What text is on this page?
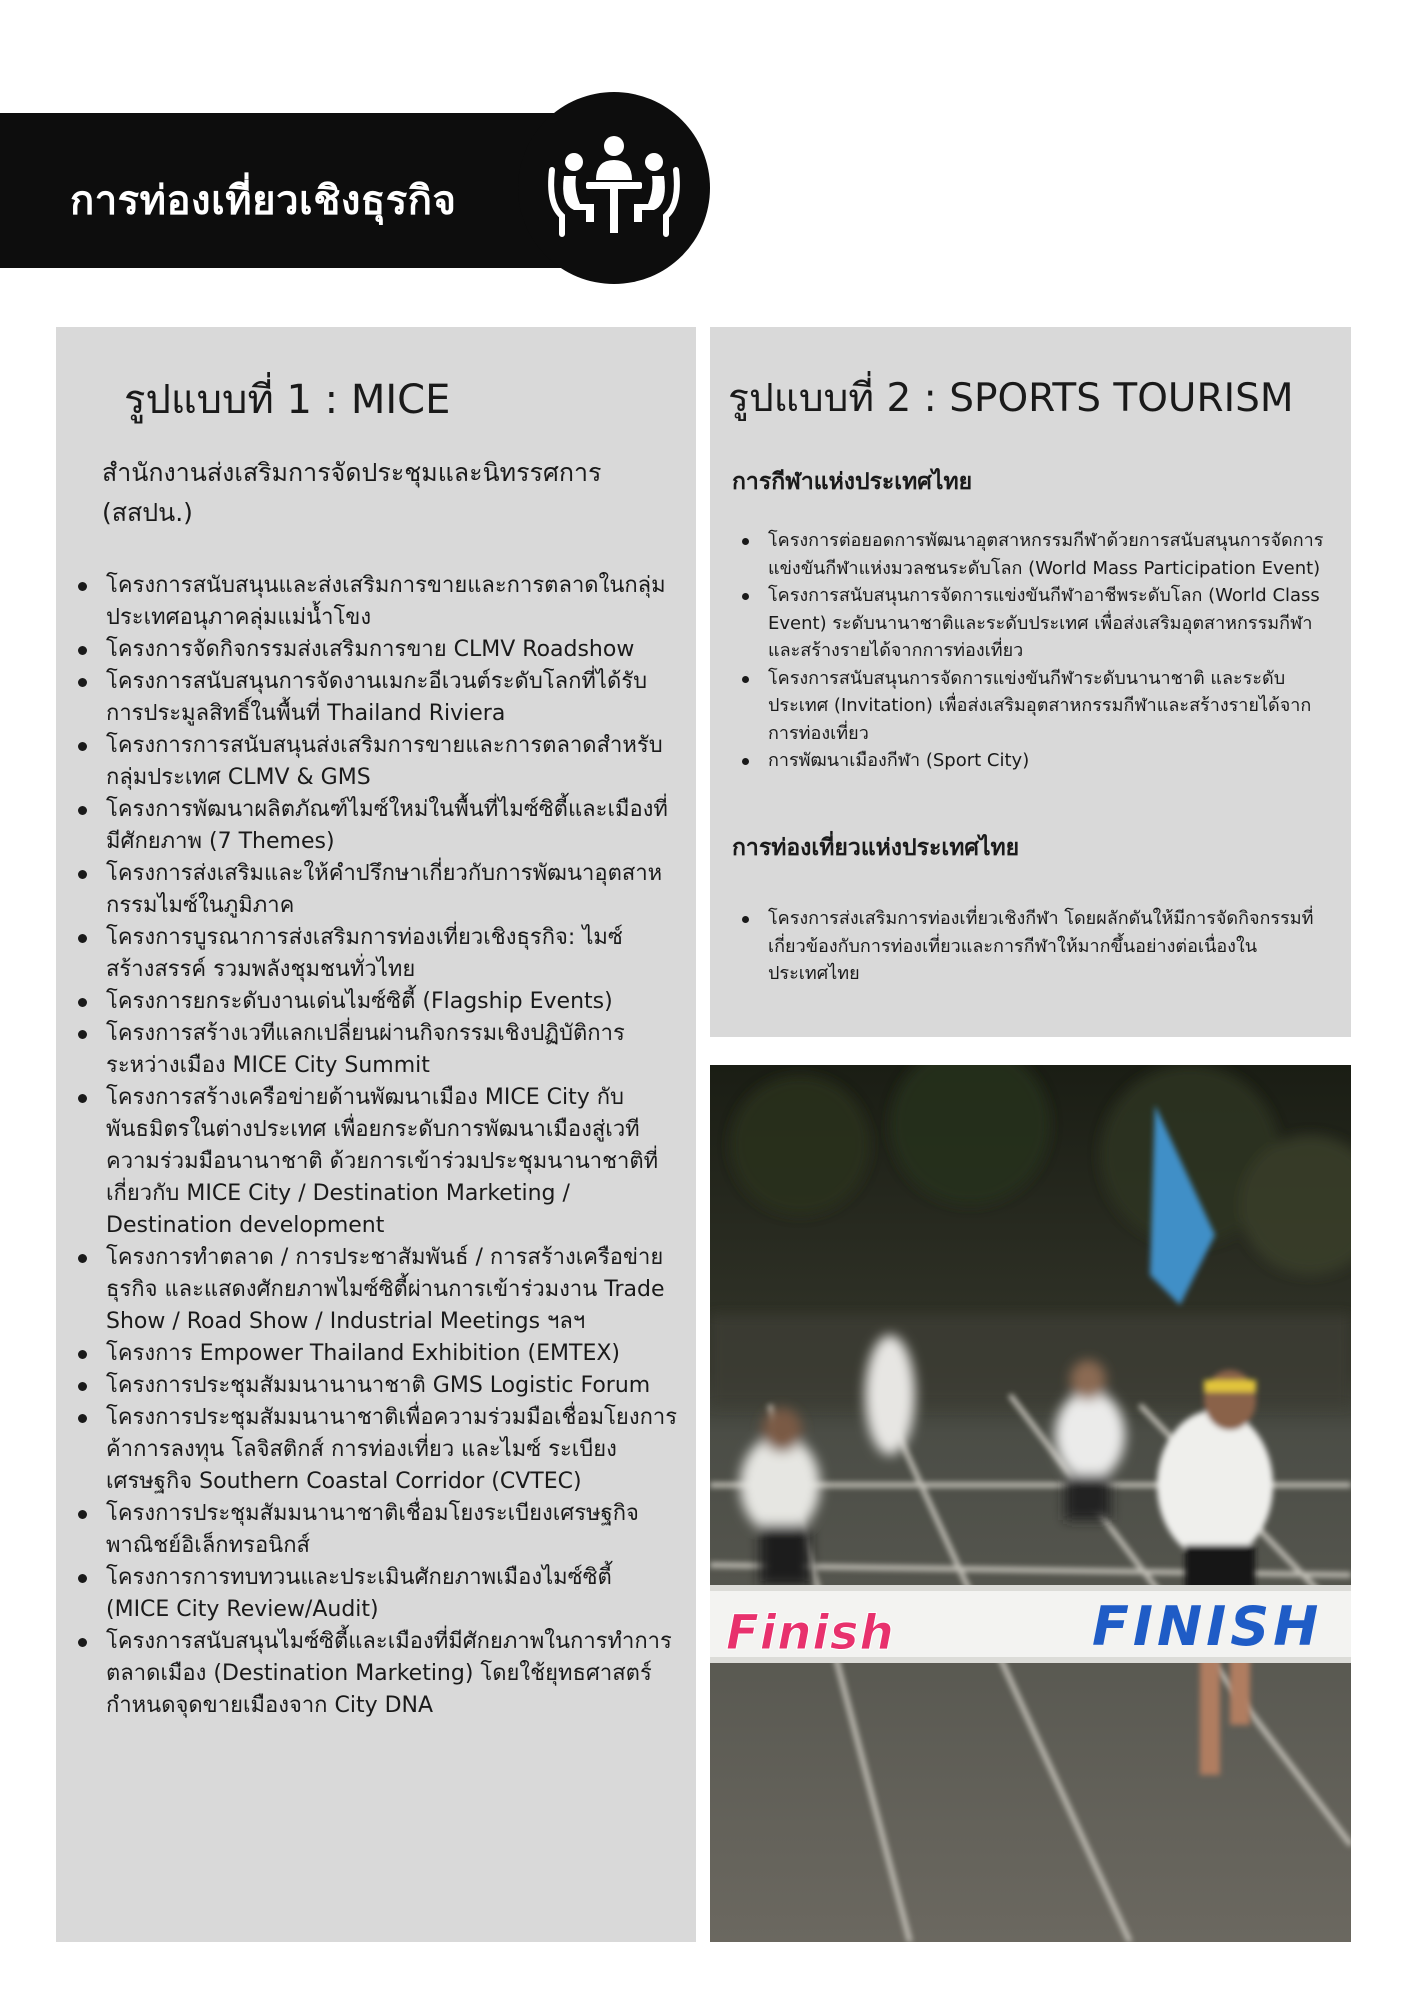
การท่องเที่ยวเชิงธุรกิจ
รูปแบบที่ 1 : MICE
สำนักงานส่งเสริมการจัดประชุมและนิทรรศการ (สสปน.)
โครงการสนับสนุนและส่งเสริมการขายและการตลาดในกลุ่มประเทศอนุภาคลุ่มแม่น้ำโขง
โครงการจัดกิจกรรมส่งเสริมการขาย CLMV Roadshow
โครงการสนับสนุนการจัดงานเมกะอีเวนต์ระดับโลกที่ได้รับการประมูลสิทธิ์ในพื้นที่ Thailand Riviera
โครงการการสนับสนุนส่งเสริมการขายและการตลาดสำหรับกลุ่มประเทศ CLMV & GMS
โครงการพัฒนาผลิตภัณฑ์ไมซ์ใหม่ในพื้นที่ไมซ์ซิตี้และเมืองที่มีศักยภาพ (7 Themes)
โครงการส่งเสริมและให้คำปรึกษาเกี่ยวกับการพัฒนาอุตสาหกรรมไมซ์ในภูมิภาค
โครงการบูรณาการส่งเสริมการท่องเที่ยวเชิงธุรกิจ: ไมซ์สร้างสรรค์ รวมพลังชุมชนทั่วไทย
โครงการยกระดับงานเด่นไมซ์ซิตี้ (Flagship Events)
โครงการสร้างเวทีแลกเปลี่ยนผ่านกิจกรรมเชิงปฏิบัติการระหว่างเมือง MICE City Summit
โครงการสร้างเครือข่ายด้านพัฒนาเมือง MICE City กับพันธมิตรในต่างประเทศ เพื่อยกระดับการพัฒนาเมืองสู่เวทีความร่วมมือนานาชาติ ด้วยการเข้าร่วมประชุมนานาชาติที่เกี่ยวกับ MICE City / Destination Marketing / Destination development
โครงการทำตลาด / การประชาสัมพันธ์ / การสร้างเครือข่ายธุรกิจ และแสดงศักยภาพไมซ์ซิตี้ผ่านการเข้าร่วมงาน Trade Show / Road Show / Industrial Meetings ฯลฯ
โครงการ Empower Thailand Exhibition (EMTEX)
โครงการประชุมสัมมนานานาชาติ GMS Logistic Forum
โครงการประชุมสัมมนานาชาติเพื่อความร่วมมือเชื่อมโยงการค้าการลงทุน โลจิสติกส์ การท่องเที่ยว และไมซ์ ระเบียงเศรษฐกิจ Southern Coastal Corridor (CVTEC)
โครงการประชุมสัมมนานาชาติเชื่อมโยงระเบียงเศรษฐกิจพาณิชย์อิเล็กทรอนิกส์
โครงการการทบทวนและประเมินศักยภาพเมืองไมซ์ซิตี้ (MICE City Review/Audit)
โครงการสนับสนุนไมซ์ซิตี้และเมืองที่มีศักยภาพในการทำการตลาดเมือง (Destination Marketing) โดยใช้ยุทธศาสตร์กำหนดจุดขายเมืองจาก City DNA
รูปแบบที่ 2 : SPORTS TOURISM
การกีฬาแห่งประเทศไทย
โครงการต่อยอดการพัฒนาอุตสาหกรรมกีฬาด้วยการสนับสนุนการจัดการแข่งขันกีฬาแห่งมวลชนระดับโลก (World Mass Participation Event)
โครงการสนับสนุนการจัดการแข่งขันกีฬาอาชีพระดับโลก (World Class Event) ระดับนานาชาติและระดับประเทศ เพื่อส่งเสริมอุตสาหกรรมกีฬาและสร้างรายได้จากการท่องเที่ยว
โครงการสนับสนุนการจัดการแข่งขันกีฬาระดับนานาชาติ และระดับประเทศ (Invitation) เพื่อส่งเสริมอุตสาหกรรมกีฬาและสร้างรายได้จากการท่องเที่ยว
การพัฒนาเมืองกีฬา (Sport City)
การท่องเที่ยวแห่งประเทศไทย
โครงการส่งเสริมการท่องเที่ยวเชิงกีฬา โดยผลักดันให้มีการจัดกิจกรรมที่เกี่ยวข้องกับการท่องเที่ยวและการกีฬาให้มากขึ้นอย่างต่อเนื่องในประเทศไทย
Finish	FINISH
